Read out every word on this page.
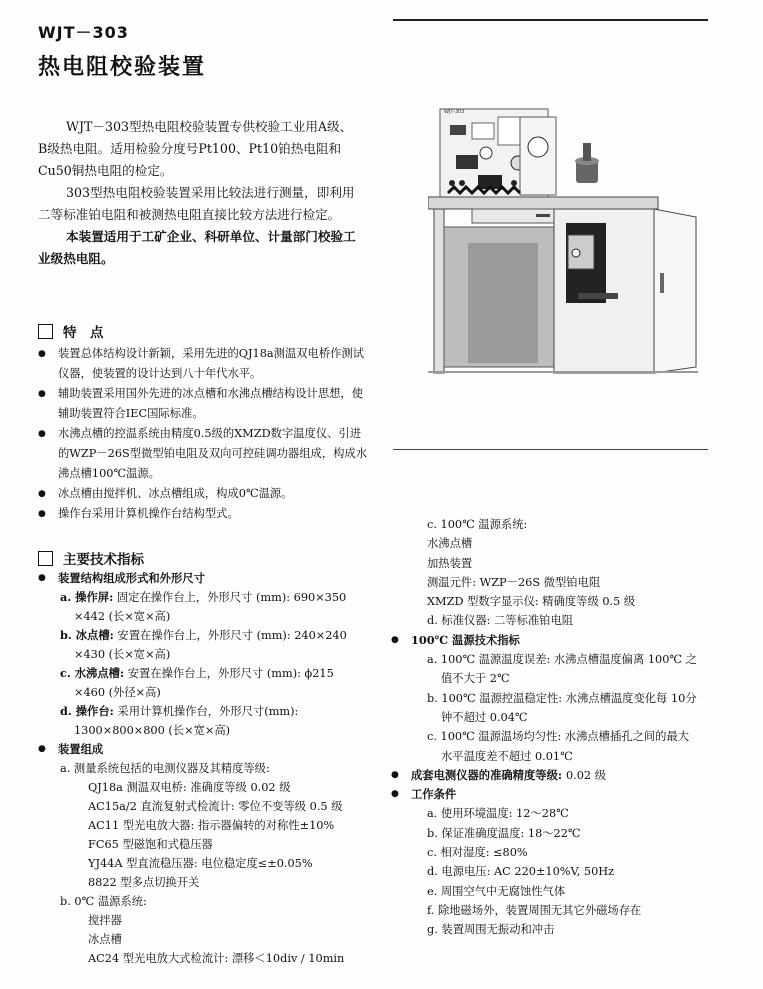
WJT－303
热电阻校验装置

WJT－303型热电阻校验装置专供校验工业用A级、B级热电阻。适用检验分度号Pt100、Pt10铂热电阻和Cu50铜热电阻的检定。

303型热电阻校验装置采用比较法进行测量，即利用二等标准铂电阻和被测热电阻直接比较方法进行检定。

本装置适用于工矿企业、科研单位、计量部门校验工业级热电阻。

特　点
● 装置总体结构设计新颖，采用先进的QJ18a测温双电桥作测试仪器，使装置的设计达到八十年代水平。
● 辅助装置采用国外先进的冰点槽和水沸点槽结构设计思想，使辅助装置符合IEC国际标准。
● 水沸点槽的控温系统由精度0.5级的XMZD数字温度仪、引进的WZP－26S型微型铂电阻及双向可控硅调功器组成，构成水沸点槽100℃温源。
● 冰点槽由搅拌机、冰点槽组成，构成0℃温源。
● 操作台采用计算机操作台结构型式。
主要技术指标
● 装置结构组成形式和外形尺寸
a. 操作屏: 固定在操作台上，外形尺寸 (mm): 690×350
×442 (长×宽×高)
b. 冰点槽: 安置在操作台上，外形尺寸 (mm): 240×240
×430 (长×宽×高)
c. 水沸点槽: 安置在操作台上，外形尺寸 (mm): ϕ215
×460 (外径×高)
d. 操作台: 采用计算机操作台，外形尺寸(mm):
1300×800×800 (长×宽×高)
● 装置组成
a. 测量系统包括的电测仪器及其精度等级:
QJ18a 测温双电桥: 准确度等级 0.02 级
AC15a/2 直流复射式检流计: 零位不变等级 0.5 级
AC11 型光电放大器: 指示器偏转的对称性±10%
FC65 型磁饱和式稳压器
YJ44A 型直流稳压器: 电位稳定度≤±0.05%
8822 型多点切换开关
b. 0℃ 温源系统:
搅拌器
冰点槽
AC24 型光电放大式检流计: 漂移＜10div / 10min
c. 100℃ 温源系统:
水沸点槽
加热装置
测温元件: WZP－26S 微型铂电阻
XMZD 型数字显示仪: 精确度等级 0.5 级
d. 标准仪器: 二等标准铂电阻
● 100℃ 温源技术指标
a. 100℃ 温源温度误差: 水沸点槽温度偏离 100℃ 之
值不大于 2℃
b. 100℃ 温源控温稳定性: 水沸点槽温度变化每 10分
钟不超过 0.04℃
c. 100℃ 温源温场均匀性: 水沸点槽插孔之间的最大
水平温度差不超过 0.01℃
● 成套电测仪器的准确精度等级: 0.02 级
● 工作条件
a. 使用环境温度: 12～28℃
b. 保证准确度温度: 18～22℃
c. 相对湿度: ≤80%
d. 电源电压: AC 220±10%V, 50Hz
e. 周围空气中无腐蚀性气体
f. 除地磁场外，装置周围无其它外磁场存在
g. 装置周围无振动和冲击
WJT-303
